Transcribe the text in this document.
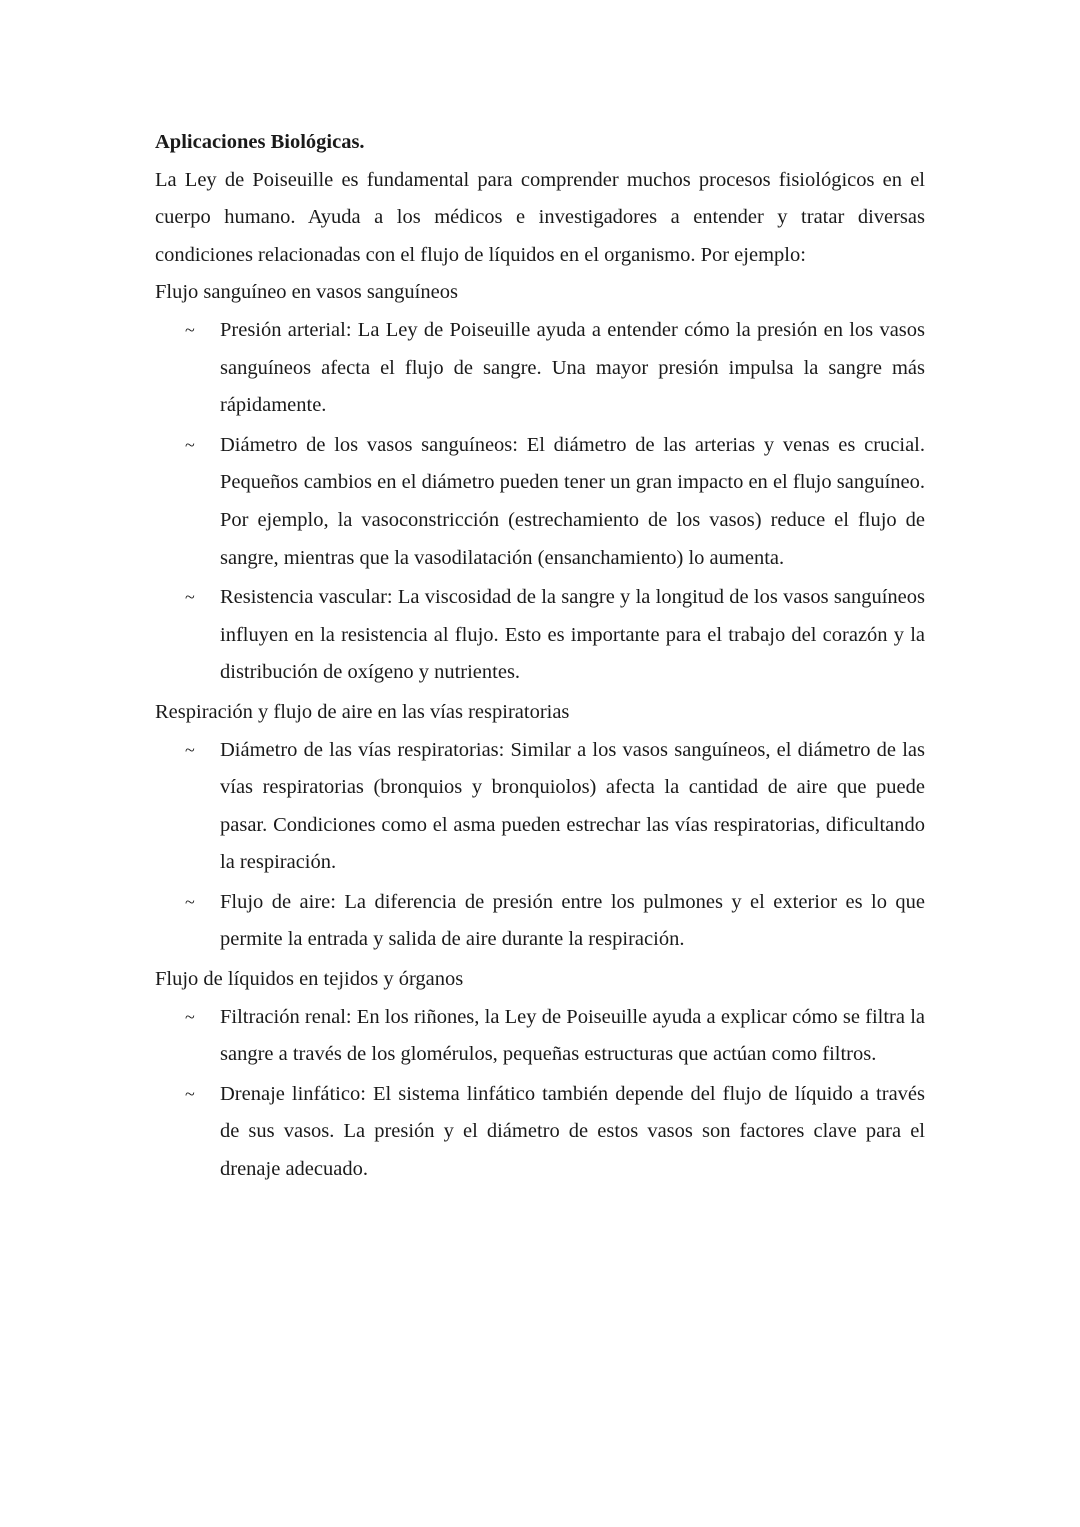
Aplicaciones Biológicas.

La Ley de Poiseuille es fundamental para comprender muchos procesos fisiológicos en el cuerpo humano. Ayuda a los médicos e investigadores a entender y tratar diversas condiciones relacionadas con el flujo de líquidos en el organismo. Por ejemplo:

Flujo sanguíneo en vasos sanguíneos

~ Presión arterial: La Ley de Poiseuille ayuda a entender cómo la presión en los vasos sanguíneos afecta el flujo de sangre. Una mayor presión impulsa la sangre más rápidamente.
~ Diámetro de los vasos sanguíneos: El diámetro de las arterias y venas es crucial. Pequeños cambios en el diámetro pueden tener un gran impacto en el flujo sanguíneo. Por ejemplo, la vasoconstricción (estrechamiento de los vasos) reduce el flujo de sangre, mientras que la vasodilatación (ensanchamiento) lo aumenta.
~ Resistencia vascular: La viscosidad de la sangre y la longitud de los vasos sanguíneos influyen en la resistencia al flujo. Esto es importante para el trabajo del corazón y la distribución de oxígeno y nutrientes.

Respiración y flujo de aire en las vías respiratorias

~ Diámetro de las vías respiratorias: Similar a los vasos sanguíneos, el diámetro de las vías respiratorias (bronquios y bronquiolos) afecta la cantidad de aire que puede pasar. Condiciones como el asma pueden estrechar las vías respiratorias, dificultando la respiración.
~ Flujo de aire: La diferencia de presión entre los pulmones y el exterior es lo que permite la entrada y salida de aire durante la respiración.

Flujo de líquidos en tejidos y órganos

~ Filtración renal: En los riñones, la Ley de Poiseuille ayuda a explicar cómo se filtra la sangre a través de los glomérulos, pequeñas estructuras que actúan como filtros.
~ Drenaje linfático: El sistema linfático también depende del flujo de líquido a través de sus vasos. La presión y el diámetro de estos vasos son factores clave para el drenaje adecuado.
